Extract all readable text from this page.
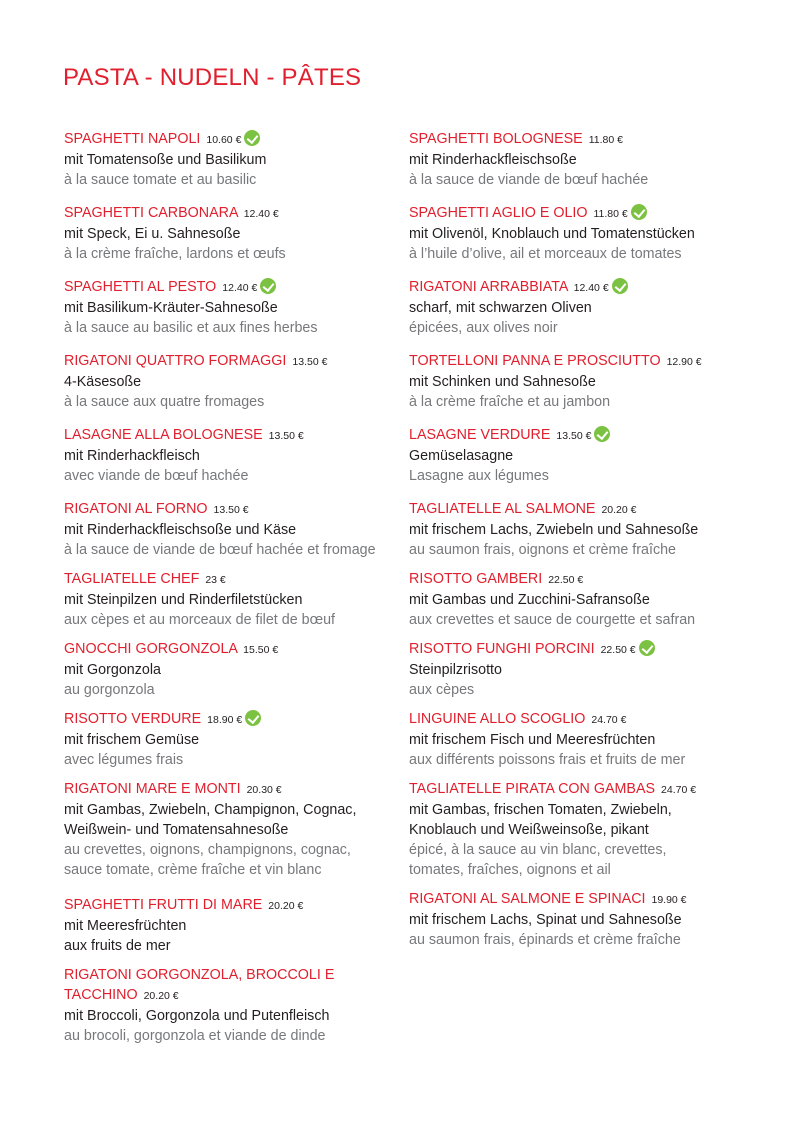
PASTA - NUDELN - PÂTES
SPAGHETTI NAPOLI 10.60 €
mit Tomatensoße und Basilikum
à la sauce tomate et au basilic
SPAGHETTI CARBONARA 12.40 €
mit Speck, Ei u. Sahnesoße
à la crème fraîche, lardons et œufs
SPAGHETTI AL PESTO 12.40 €
mit Basilikum-Kräuter-Sahnesoße
à la sauce au basilic et aux fines herbes
RIGATONI QUATTRO FORMAGGI 13.50 €
4-Käsesoße
à la sauce aux quatre fromages
LASAGNE ALLA BOLOGNESE 13.50 €
mit Rinderhackfleisch
avec viande de bœuf hachée
RIGATONI AL FORNO 13.50 €
mit Rinderhackfleischsoße und Käse
à la sauce de viande de bœuf hachée et fromage
TAGLIATELLE CHEF 23 €
mit Steinpilzen und Rinderfiletstücken
aux cèpes et au morceaux de filet de bœuf
GNOCCHI GORGONZOLA 15.50 €
mit Gorgonzola
au gorgonzola
RISOTTO VERDURE 18.90 €
mit frischem Gemüse
avec légumes frais
RIGATONI MARE E MONTI 20.30 €
mit Gambas, Zwiebeln, Champignon, Cognac,
Weißwein- und Tomatensahnesoße
au crevettes, oignons, champignons, cognac,
sauce tomate, crème fraîche et vin blanc
SPAGHETTI FRUTTI DI MARE 20.20 €
mit Meeresfrüchten
aux fruits de mer
RIGATONI GORGONZOLA, BROCCOLI E
TACCHINO 20.20 €
mit Broccoli, Gorgonzola und Putenfleisch
au brocoli, gorgonzola et viande de dinde
SPAGHETTI BOLOGNESE 11.80 €
mit Rinderhackfleischsoße
à la sauce de viande de bœuf hachée
SPAGHETTI AGLIO E OLIO 11.80 €
mit Olivenöl, Knoblauch und Tomatenstücken
à l’huile d’olive, ail et morceaux de tomates
RIGATONI ARRABBIATA 12.40 €
scharf, mit schwarzen Oliven
épicées, aux olives noir
TORTELLONI PANNA E PROSCIUTTO 12.90 €
mit Schinken und Sahnesoße
à la crème fraîche et au jambon
LASAGNE VERDURE 13.50 €
Gemüselasagne
Lasagne aux légumes
TAGLIATELLE AL SALMONE 20.20 €
mit frischem Lachs, Zwiebeln und Sahnesoße
au saumon frais, oignons et crème fraîche
RISOTTO GAMBERI 22.50 €
mit Gambas und Zucchini-Safransoße
aux crevettes et sauce de courgette et safran
RISOTTO FUNGHI PORCINI 22.50 €
Steinpilzrisotto
aux cèpes
LINGUINE ALLO SCOGLIO 24.70 €
mit frischem Fisch und Meeresfrüchten
aux différents poissons frais et fruits de mer
TAGLIATELLE PIRATA CON GAMBAS 24.70 €
mit Gambas, frischen Tomaten, Zwiebeln,
Knoblauch und Weißweinsoße, pikant
épicé, à la sauce au vin blanc, crevettes,
tomates, fraîches, oignons et ail
RIGATONI AL SALMONE E SPINACI 19.90 €
mit frischem Lachs, Spinat und Sahnesoße
au saumon frais, épinards et crème fraîche
